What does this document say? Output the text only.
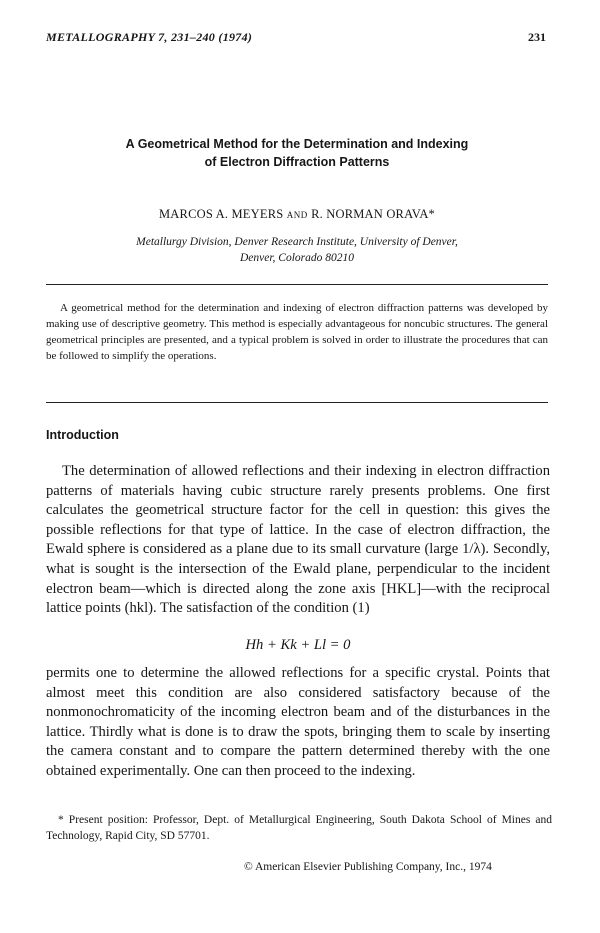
METALLOGRAPHY 7, 231–240 (1974)	231
A Geometrical Method for the Determination and Indexing
of Electron Diffraction Patterns
MARCOS A. MEYERS AND R. NORMAN ORAVA*
Metallurgy Division, Denver Research Institute, University of Denver,
Denver, Colorado 80210
A geometrical method for the determination and indexing of electron diffraction patterns was developed by making use of descriptive geometry. This method is especially advantageous for noncubic structures. The general geometrical principles are presented, and a typical problem is solved in order to illustrate the procedures that can be followed to simplify the operations.
Introduction
The determination of allowed reflections and their indexing in electron diffraction patterns of materials having cubic structure rarely presents problems. One first calculates the geometrical structure factor for the cell in question: this gives the possible reflections for that type of lattice. In the case of electron diffraction, the Ewald sphere is considered as a plane due to its small curvature (large 1/λ). Secondly, what is sought is the intersection of the Ewald plane, perpendicular to the incident electron beam—which is directed along the zone axis [HKL]—with the reciprocal lattice points (hkl). The satisfaction of the condition (1)
Hh + Kk + Ll = 0
permits one to determine the allowed reflections for a specific crystal. Points that almost meet this condition are also considered satisfactory because of the nonmonochromaticity of the incoming electron beam and of the disturbances in the lattice. Thirdly what is done is to draw the spots, bringing them to scale by inserting the camera constant and to compare the pattern determined thereby with the one obtained experimentally. One can then proceed to the indexing.
* Present position: Professor, Dept. of Metallurgical Engineering, South Dakota School of Mines and Technology, Rapid City, SD 57701.
© American Elsevier Publishing Company, Inc., 1974
